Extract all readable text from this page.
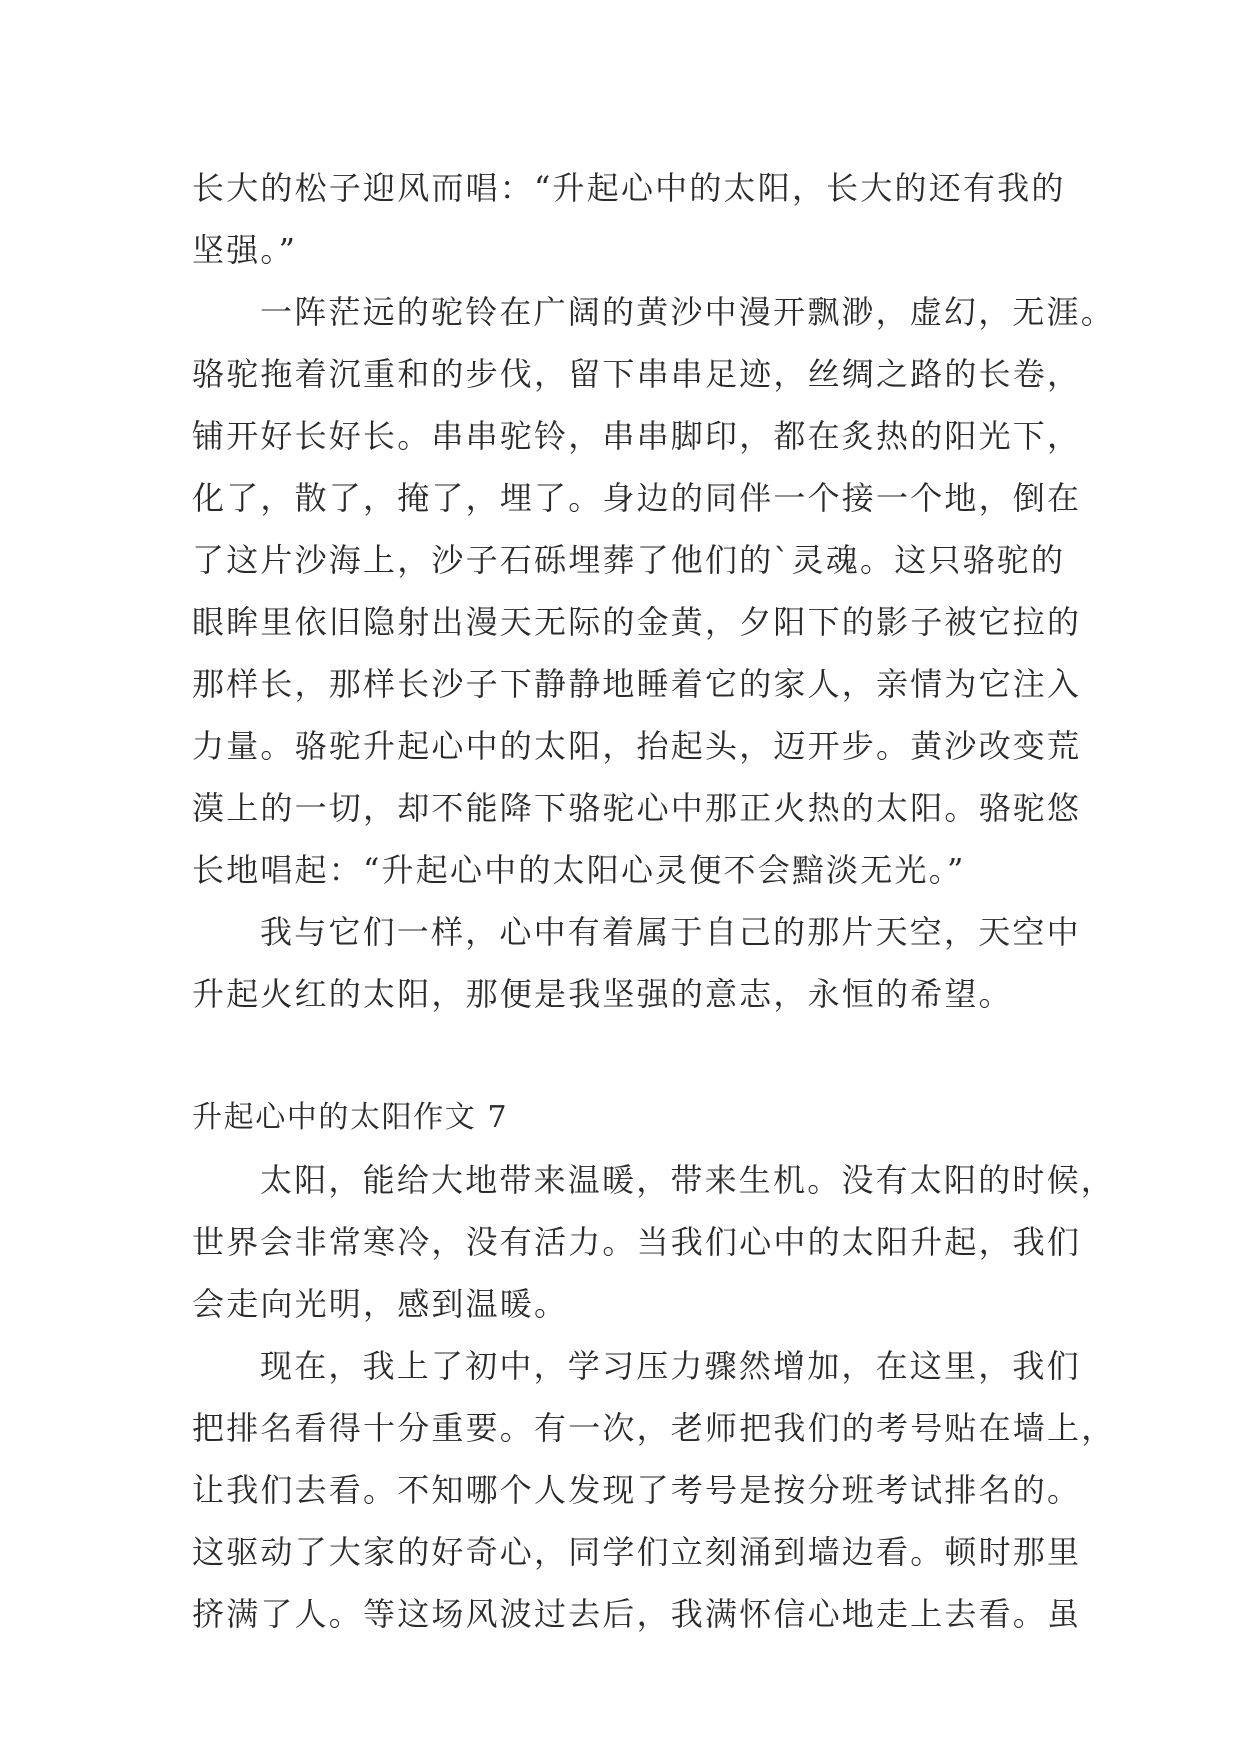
长大的松子迎风而唱：“升起心中的太阳，长大的还有我的
坚强。”
一阵茫远的驼铃在广阔的黄沙中漫开飘渺，虚幻，无涯。
骆驼拖着沉重和的步伐，留下串串足迹，丝绸之路的长卷，
铺开好长好长。串串驼铃，串串脚印，都在炙热的阳光下，
化了，散了，掩了，埋了。身边的同伴一个接一个地，倒在
了这片沙海上，沙子石砾埋葬了他们的`灵魂。这只骆驼的
眼眸里依旧隐射出漫天无际的金黄，夕阳下的影子被它拉的
那样长，那样长沙子下静静地睡着它的家人，亲情为它注入
力量。骆驼升起心中的太阳，抬起头，迈开步。黄沙改变荒
漠上的一切，却不能降下骆驼心中那正火热的太阳。骆驼悠
长地唱起：“升起心中的太阳心灵便不会黯淡无光。”
我与它们一样，心中有着属于自己的那片天空，天空中
升起火红的太阳，那便是我坚强的意志，永恒的希望。
升起心中的太阳作文 7
太阳，能给大地带来温暖，带来生机。没有太阳的时候，
世界会非常寒冷，没有活力。当我们心中的太阳升起，我们
会走向光明，感到温暖。
现在，我上了初中，学习压力骤然增加，在这里，我们
把排名看得十分重要。有一次，老师把我们的考号贴在墙上，
让我们去看。不知哪个人发现了考号是按分班考试排名的。
这驱动了大家的好奇心，同学们立刻涌到墙边看。顿时那里
挤满了人。等这场风波过去后，我满怀信心地走上去看。虽
